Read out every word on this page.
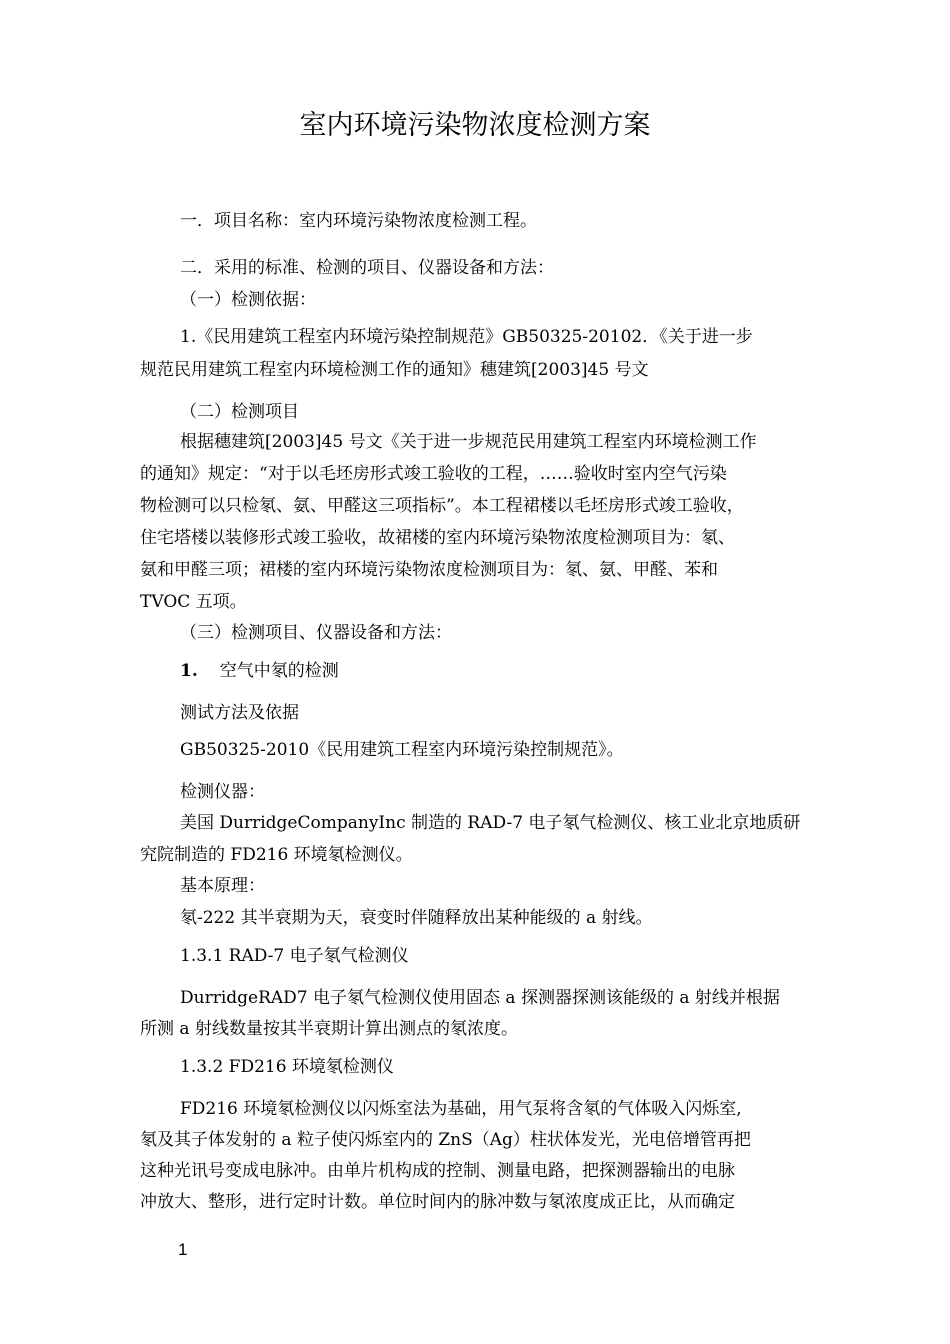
室内环境污染物浓度检测方案
一．项目名称：室内环境污染物浓度检测工程。
二．采用的标准、检测的项目、仪器设备和方法：
（一）检测依据：
1.《民用建筑工程室内环境污染控制规范》GB50325-20102．《关于进一步
规范民用建筑工程室内环境检测工作的通知》穗建筑[2003]45 号文
（二）检测项目
根据穗建筑[2003]45 号文《关于进一步规范民用建筑工程室内环境检测工作
的通知》规定：“对于以毛坯房形式竣工验收的工程，……验收时室内空气污染
物检测可以只检氡、氨、甲醛这三项指标”。本工程裙楼以毛坯房形式竣工验收，
住宅塔楼以装修形式竣工验收，故裙楼的室内环境污染物浓度检测项目为：氡、
氨和甲醛三项；裙楼的室内环境污染物浓度检测项目为：氡、氨、甲醛、苯和
TVOC 五项。
（三）检测项目、仪器设备和方法：
1. 空气中氡的检测
测试方法及依据
GB50325-2010《民用建筑工程室内环境污染控制规范》。
检测仪器：
美国 DurridgeCompanyInc 制造的 RAD-7 电子氡气检测仪、核工业北京地质研
究院制造的 FD216 环境氡检测仪。
基本原理：
氡-222 其半衰期为天，衰变时伴随释放出某种能级的 a 射线。
1.3.1 RAD-7 电子氡气检测仪
DurridgeRAD7 电子氡气检测仪使用固态 a 探测器探测该能级的 a 射线并根据
所测 a 射线数量按其半衰期计算出测点的氡浓度。
1.3.2 FD216 环境氡检测仪
FD216 环境氡检测仪以闪烁室法为基础，用气泵将含氡的气体吸入闪烁室,
氡及其子体发射的 a 粒子使闪烁室内的 ZnS（Ag）柱状体发光，光电倍增管再把
这种光讯号变成电脉冲。由单片机构成的控制、测量电路，把探测器输出的电脉
冲放大、整形，进行定时计数。单位时间内的脉冲数与氡浓度成正比，从而确定
1
